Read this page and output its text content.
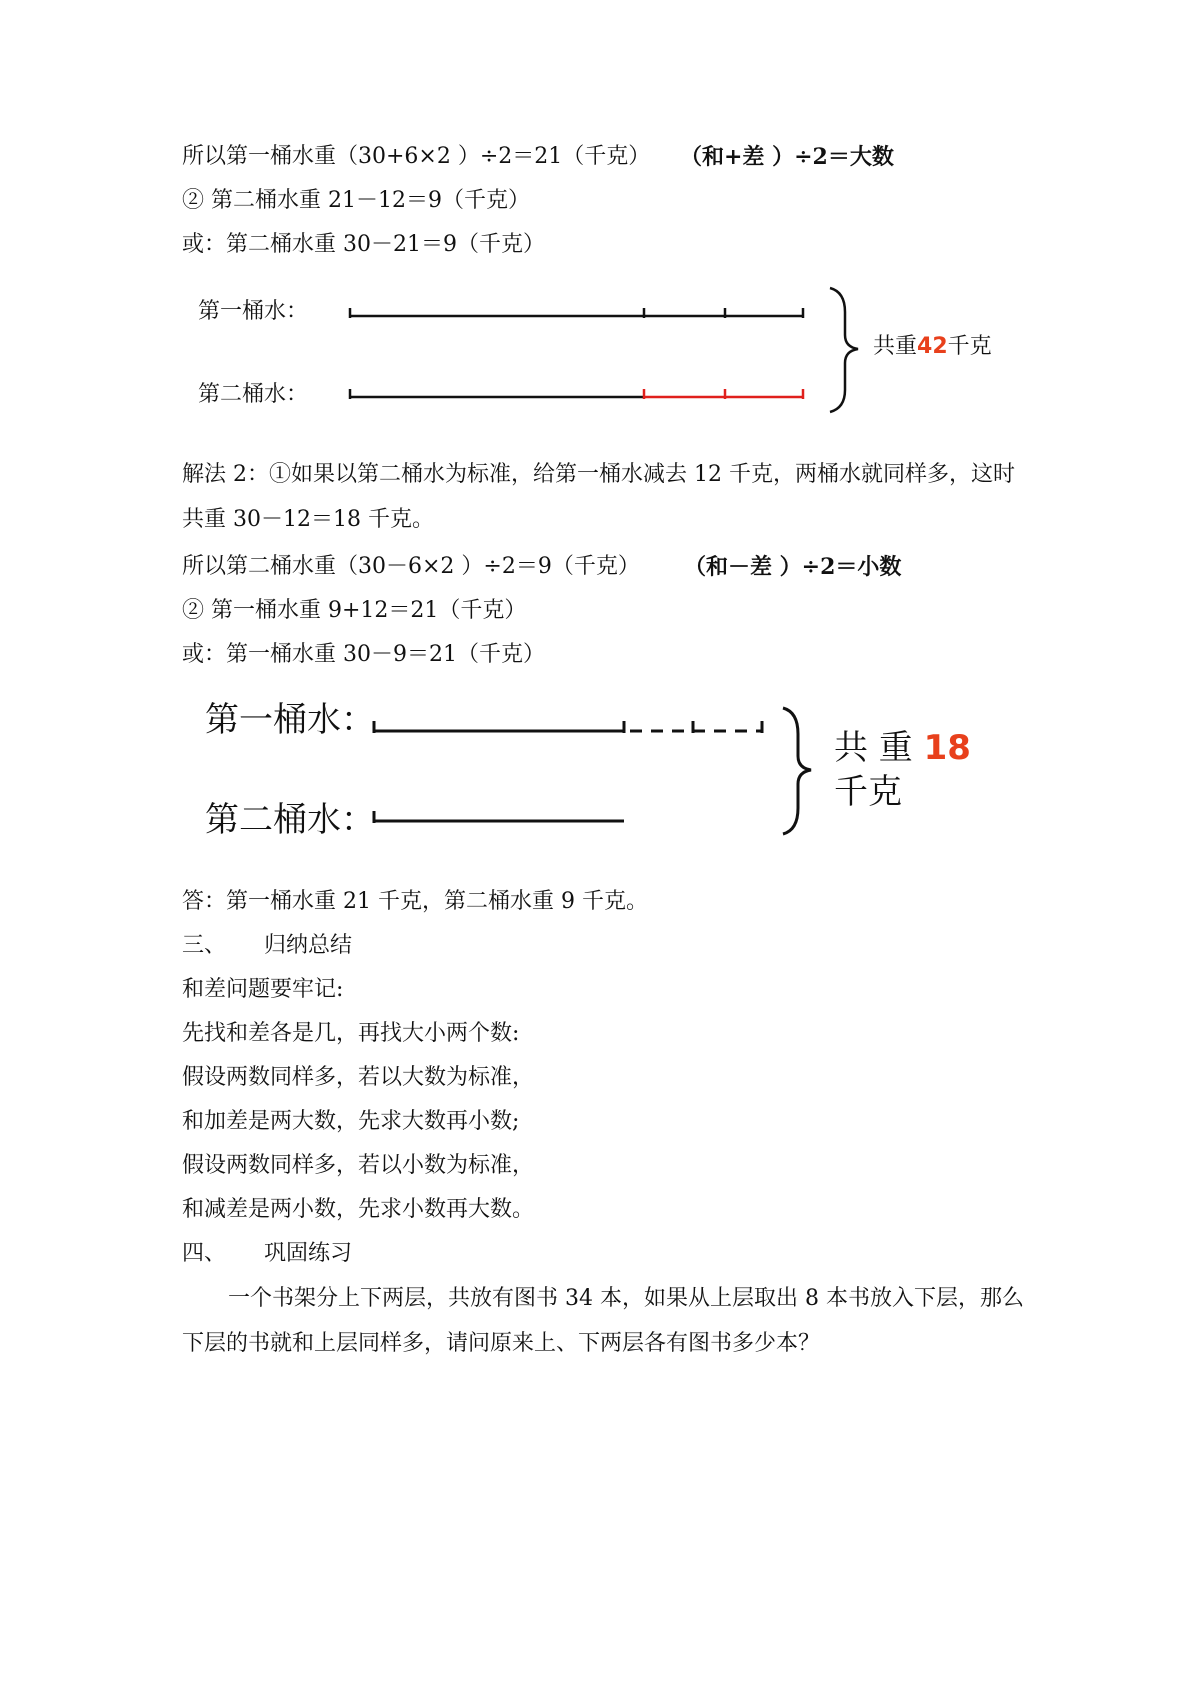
所以第一桶水重（30+6×2 ）÷2＝21（千克） （和+差 ）÷2＝大数
② 第二桶水重 21－12＝9（千克）
或：第二桶水重 30－21＝9（千克）
第一桶水：
第二桶水：
共重42千克
解法 2：①如果以第二桶水为标准，给第一桶水减去 12 千克，两桶水就同样多，这时共重 30－12＝18 千克。
所以第二桶水重（30－6×2 ）÷2＝9（千克） （和－差 ）÷2＝小数
② 第一桶水重 9+12＝21（千克）
或：第一桶水重 30－9＝21（千克）
第一桶水：
第二桶水：
共 重 18
千克
答：第一桶水重 21 千克，第二桶水重 9 千克。
三、 归纳总结
和差问题要牢记:
先找和差各是几，再找大小两个数:
假设两数同样多，若以大数为标准，
和加差是两大数，先求大数再小数;
假设两数同样多，若以小数为标准，
和减差是两小数，先求小数再大数。
四、 巩固练习
一个书架分上下两层，共放有图书 34 本，如果从上层取出 8 本书放入下层，那么下层的书就和上层同样多，请问原来上、下两层各有图书多少本？
